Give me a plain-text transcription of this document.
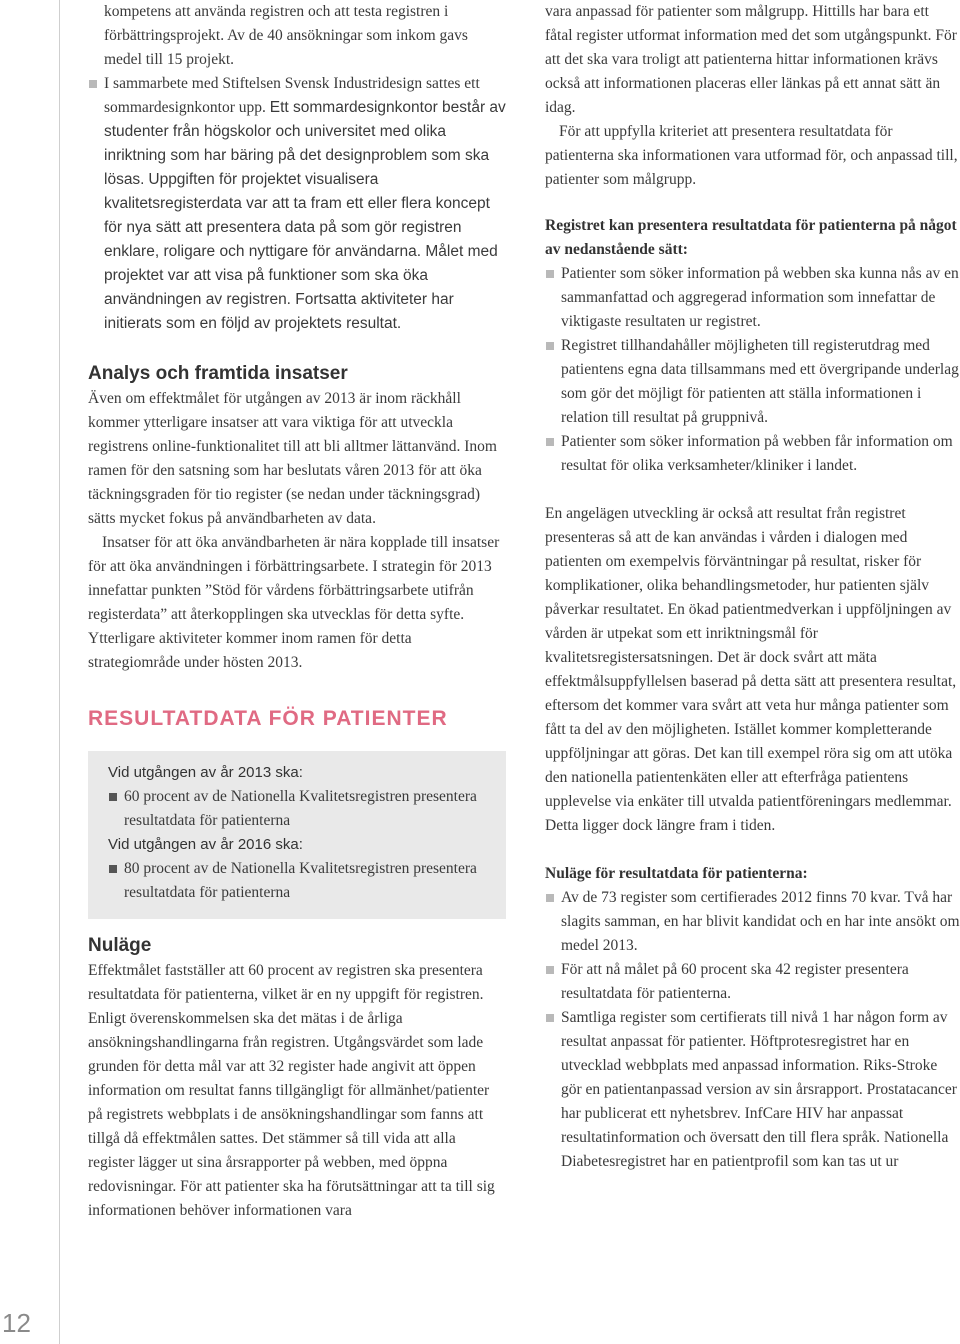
12

kompetens att använda registren och att testa registren i förbättringsprojekt. Av de 40 ansökningar som inkom gavs medel till 15 projekt.

I sammarbete med Stiftelsen Svensk Industridesign sattes ett sommardesignkontor upp. Ett sommardesignkontor består av studenter från högskolor och universitet med olika inriktning som har bäring på det designproblem som ska lösas. Uppgiften för projektet visualisera kvalitetsregisterdata var att ta fram ett eller flera koncept för nya sätt att presentera data på som gör registren enklare, roligare och nyttigare för användarna. Målet med projektet var att visa på funktioner som ska öka användningen av registren. Fortsatta aktiviteter har initierats som en följd av projektets resultat.
Analys och framtida insatser

Även om effektmålet för utgången av 2013 är inom räckhåll kommer ytterligare insatser att vara viktiga för att utveckla registrens online-funktionalitet till att bli alltmer lättanvänd. Inom ramen för den satsning som har beslutats våren 2013 för att öka täckningsgraden för tio register (se nedan under täckningsgrad) sätts mycket fokus på användbarheten av data.

Insatser för att öka användbarheten är nära kopplade till insatser för att öka användningen i förbättringsarbete. I strategin för 2013 innefattar punkten ”Stöd för vårdens förbättringsarbete utifrån registerdata” att återkopplingen ska utvecklas för detta syfte. Ytterligare aktiviteter kommer inom ramen för detta strategiområde under hösten 2013.

RESULTATDATA FÖR PATIENTER
Vid utgången av år 2013 ska:
60 procent av de Nationella Kvalitetsregistren presentera resultatdata för patienterna
Vid utgången av år 2016 ska:
80 procent av de Nationella Kvalitetsregistren presentera resultatdata för patienterna
Nuläge

Effektmålet fastställer att 60 procent av registren ska presentera resultatdata för patienterna, vilket är en ny uppgift för registren. Enligt överenskommelsen ska det mätas i de årliga ansökningshandlingarna från registren. Utgångsvärdet som lade grunden för detta mål var att 32 register hade angivit att öppen information om resultat fanns tillgängligt för allmänhet/patienter på registrets webbplats i de ansökningshandlingar som fanns att tillgå då effektmålen sattes. Det stämmer så till vida att alla register lägger ut sina årsrapporter på webben, med öppna redovisningar. För att patienter ska ha förutsättningar att ta till sig informationen behöver informationen vara

vara anpassad för patienter som målgrupp. Hittills har bara ett fåtal register utformat information med det som utgångspunkt. För att det ska vara troligt att patienterna hittar informationen krävs också att informationen placeras eller länkas på ett annat sätt än idag.

För att uppfylla kriteriet att presentera resultatdata för patienterna ska informationen vara utformad för, och anpassad till, patienter som målgrupp.

Registret kan presentera resultatdata för patienterna på något av nedanstående sätt:

Patienter som söker information på webben ska kunna nås av en sammanfattad och aggregerad information som innefattar de viktigaste resultaten ur registret.
Registret tillhandahåller möjligheten till registerutdrag med patientens egna data tillsammans med ett övergripande underlag som gör det möjligt för patienten att ställa informationen i relation till resultat på gruppnivå.
Patienter som söker information på webben får information om resultat för olika verksamheter/kliniker i landet.

En angelägen utveckling är också att resultat från registret presenteras så att de kan användas i vården i dialogen med patienten om exempelvis förväntningar på resultat, risker för komplikationer, olika behandlingsmetoder, hur patienten själv påverkar resultatet. En ökad patientmedverkan i uppföljningen av vården är utpekat som ett inriktningsmål för kvalitetsregistersatsningen. Det är dock svårt att mäta effektmålsuppfyllelsen baserad på detta sätt att presentera resultat, eftersom det kommer vara svårt att veta hur många patienter som fått ta del av den möjligheten. Istället kommer kompletterande uppföljningar att göras. Det kan till exempel röra sig om att utöka den nationella patientenkäten eller att efterfråga patientens upplevelse via enkäter till utvalda patientföreningars medlemmar. Detta ligger dock längre fram i tiden.

Nuläge för resultatdata för patienterna:

Av de 73 register som certifierades 2012 finns 70 kvar. Två har slagits samman, en har blivit kandidat och en har inte ansökt om medel 2013.
För att nå målet på 60 procent ska 42 register presentera resultatdata för patienterna.
Samtliga register som certifierats till nivå 1 har någon form av resultat anpassat för patienter. Höftprotesregistret har en utvecklad webbplats med anpassad information. Riks-Stroke gör en patientanpassad version av sin årsrapport. Prostatacancer har publicerat ett nyhetsbrev. InfCare HIV har anpassat resultatinformation och översatt den till flera språk. Nationella Diabetesregistret har en patientprofil som kan tas ut ur
